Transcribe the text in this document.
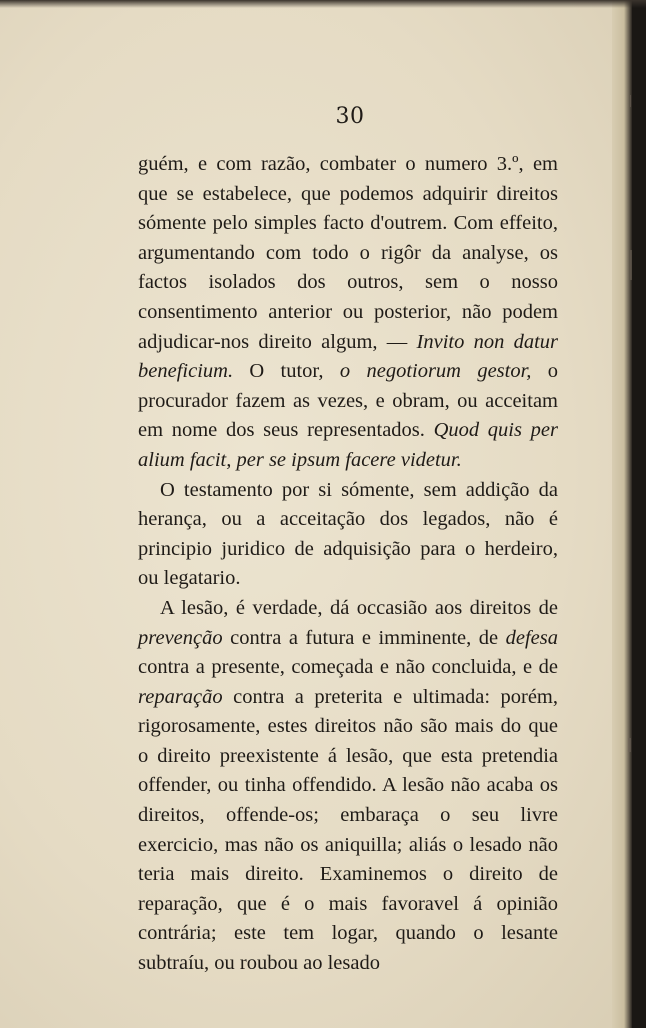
30

guém, e com razão, combater o numero 3.º, em que se estabelece, que podemos adquirir direitos sómente pelo simples facto d'outrem. Com effeito, argumentando com todo o rigôr da analyse, os factos isolados dos outros, sem o nosso consentimento anterior ou posterior, não podem adjudicar-nos direito algum, — Invito non datur beneficium. O tutor, o negotiorum gestor, o procurador fazem as vezes, e obram, ou acceitam em nome dos seus representados. Quod quis per alium facit, per se ipsum facere videtur.

O testamento por si sómente, sem addição da herança, ou a acceitação dos legados, não é principio juridico de adquisição para o herdeiro, ou legatario.

A lesão, é verdade, dá occasião aos direitos de prevenção contra a futura e imminente, de defesa contra a presente, começada e não concluida, e de reparação contra a preterita e ultimada: porém, rigorosamente, estes direitos não são mais do que o direito preexistente á lesão, que esta pretendia offender, ou tinha offendido. A lesão não acaba os direitos, offende-os; embaraça o seu livre exercicio, mas não os aniquilla; aliás o lesado não teria mais direito. Examinemos o direito de reparação, que é o mais favoravel á opinião contrária; este tem logar, quando o lesante subtraíu, ou roubou ao lesado
